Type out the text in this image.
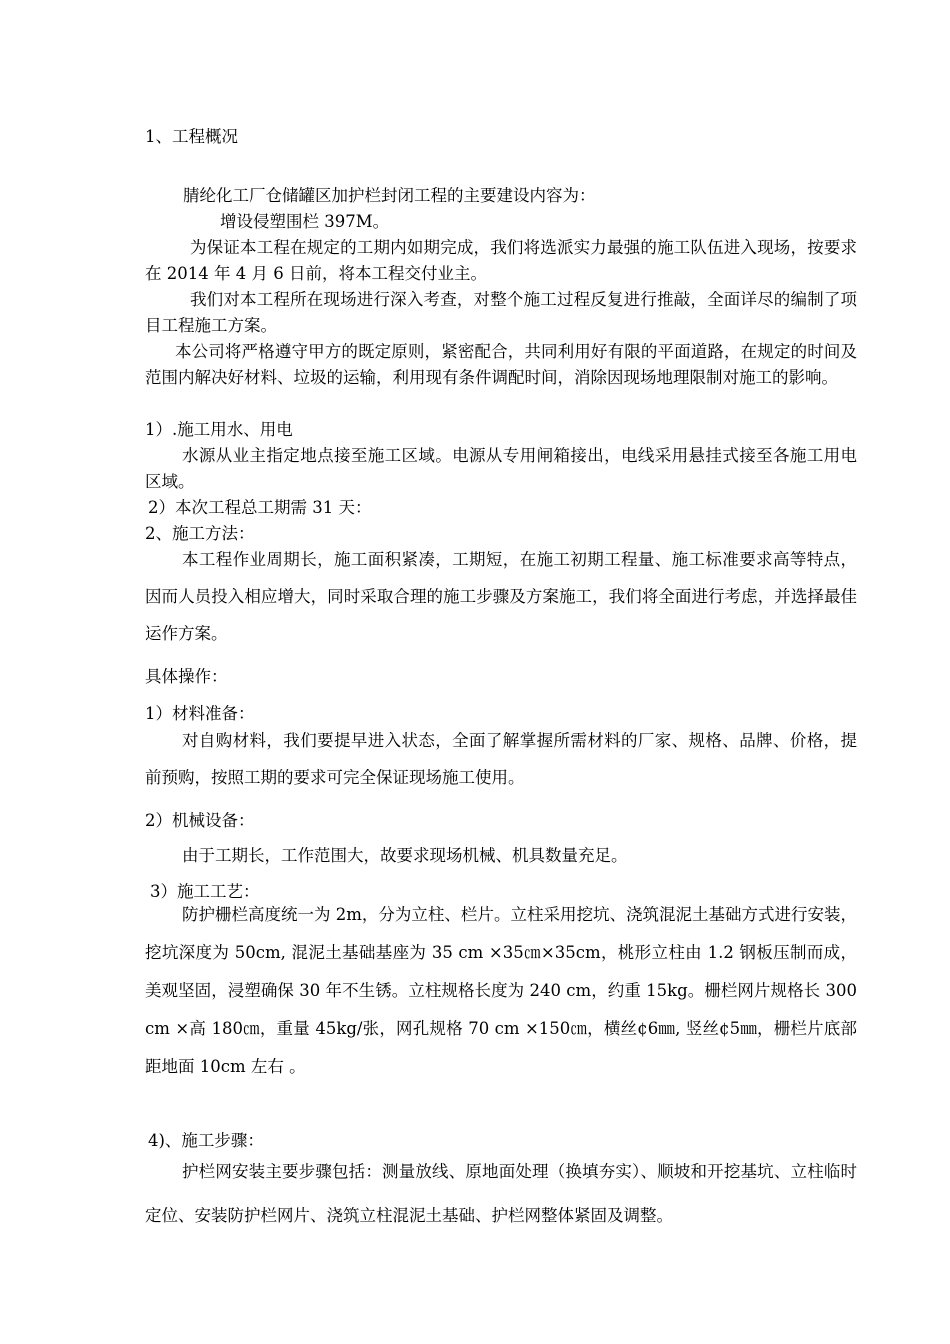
1、工程概况

腈纶化工厂仓储罐区加护栏封闭工程的主要建设内容为：

增设侵塑围栏 397M。

为保证本工程在规定的工期内如期完成，我们将选派实力最强的施工队伍进入现场，按要求在 2014 年 4 月 6 日前，将本工程交付业主。

我们对本工程所在现场进行深入考查，对整个施工过程反复进行推敲，全面详尽的编制了项目工程施工方案。

本公司将严格遵守甲方的既定原则，紧密配合，共同利用好有限的平面道路，在规定的时间及范围内解决好材料、垃圾的运输，利用现有条件调配时间，消除因现场地理限制对施工的影响。

1）.施工用水、用电

水源从业主指定地点接至施工区域。电源从专用闸箱接出，电线采用悬挂式接至各施工用电区域。

2）本次工程总工期需 31 天：

2、施工方法：

本工程作业周期长，施工面积紧凑，工期短，在施工初期工程量、施工标准要求高等特点，因而人员投入相应增大，同时采取合理的施工步骤及方案施工，我们将全面进行考虑，并选择最佳运作方案。

具体操作：

1）材料准备：

对自购材料，我们要提早进入状态，全面了解掌握所需材料的厂家、规格、品牌、价格，提前预购，按照工期的要求可完全保证现场施工使用。

2）机械设备：

由于工期长，工作范围大，故要求现场机械、机具数量充足。

3）施工工艺：

防护栅栏高度统一为 2m，分为立柱、栏片。立柱采用挖坑、浇筑混泥土基础方式进行安装，挖坑深度为 50cm, 混泥土基础基座为 35 cm ×35㎝×35cm，桃形立柱由 1.2 钢板压制而成，美观坚固，浸塑确保 30 年不生锈。立柱规格长度为 240 cm，约重 15kg。栅栏网片规格长 300 cm ×高 180㎝，重量 45kg/张，网孔规格 70 cm ×150㎝，横丝¢6㎜, 竖丝¢5㎜，栅栏片底部距地面 10cm 左右 。

4)、施工步骤：

护栏网安装主要步骤包括：测量放线、原地面处理（换填夯实）、顺坡和开挖基坑、立柱临时定位、安装防护栏网片、浇筑立柱混泥土基础、护栏网整体紧固及调整。
